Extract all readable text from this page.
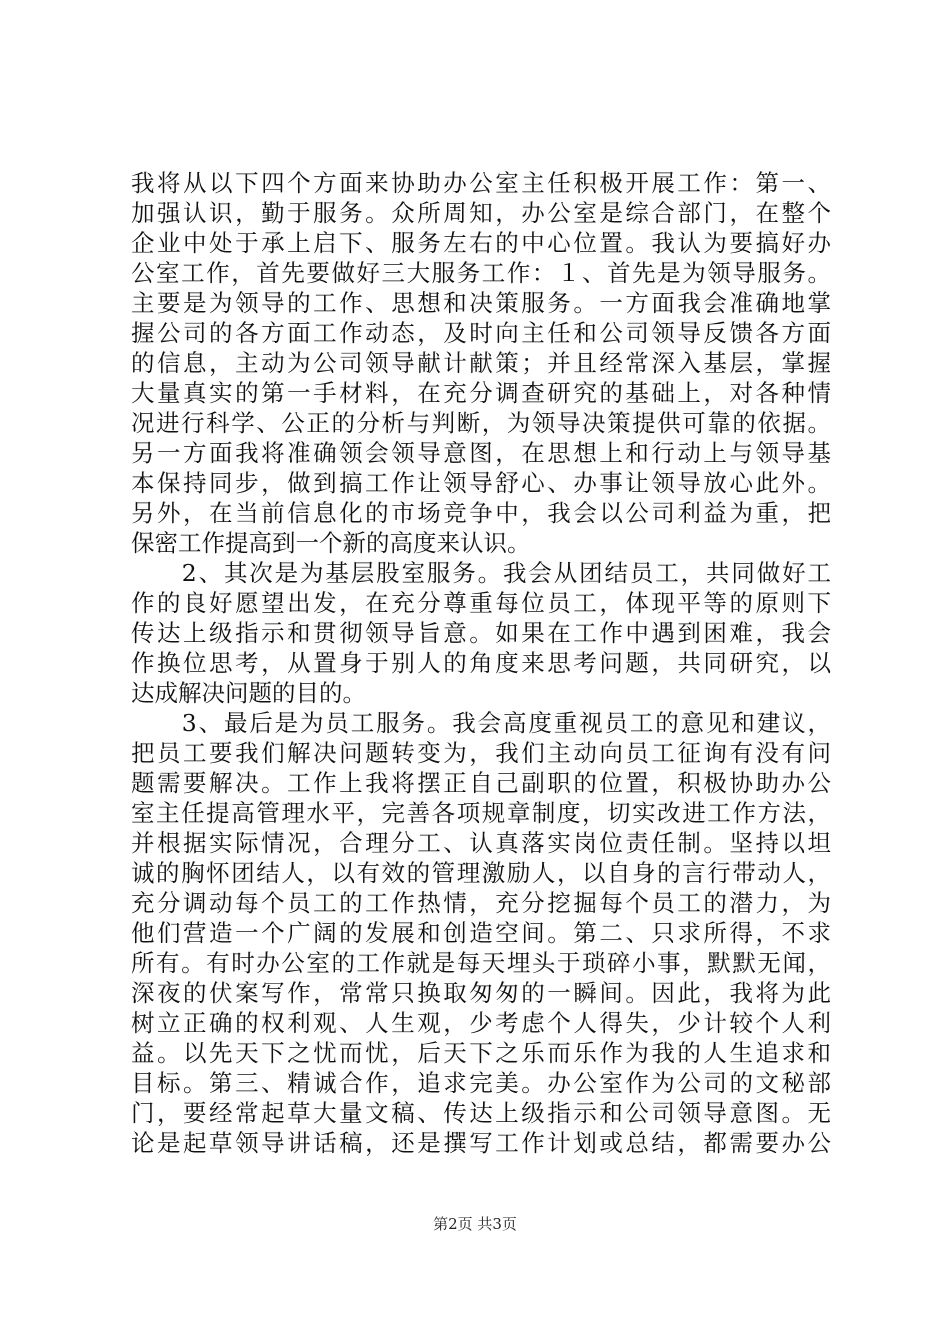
我将从以下四个方面来协助办公室主任积极开展工作：第一、
加强认识，勤于服务。众所周知，办公室是综合部门，在整个
企业中处于承上启下、服务左右的中心位置。我认为要搞好办
公室工作，首先要做好三大服务工作：１、首先是为领导服务。
主要是为领导的工作、思想和决策服务。一方面我会准确地掌
握公司的各方面工作动态，及时向主任和公司领导反馈各方面
的信息，主动为公司领导献计献策；并且经常深入基层，掌握
大量真实的第一手材料，在充分调查研究的基础上，对各种情
况进行科学、公正的分析与判断，为领导决策提供可靠的依据。
另一方面我将准确领会领导意图，在思想上和行动上与领导基
本保持同步，做到搞工作让领导舒心、办事让领导放心此外。
另外，在当前信息化的市场竞争中，我会以公司利益为重，把
保密工作提高到一个新的高度来认识。
　　2、其次是为基层股室服务。我会从团结员工，共同做好工
作的良好愿望出发，在充分尊重每位员工，体现平等的原则下
传达上级指示和贯彻领导旨意。如果在工作中遇到困难，我会
作换位思考，从置身于别人的角度来思考问题，共同研究，以
达成解决问题的目的。
　　3、最后是为员工服务。我会高度重视员工的意见和建议，
把员工要我们解决问题转变为，我们主动向员工征询有没有问
题需要解决。工作上我将摆正自己副职的位置，积极协助办公
室主任提高管理水平，完善各项规章制度，切实改进工作方法，
并根据实际情况，合理分工、认真落实岗位责任制。坚持以坦
诚的胸怀团结人，以有效的管理激励人，以自身的言行带动人，
充分调动每个员工的工作热情，充分挖掘每个员工的潜力，为
他们营造一个广阔的发展和创造空间。第二、只求所得，不求
所有。有时办公室的工作就是每天埋头于琐碎小事，默默无闻，
深夜的伏案写作，常常只换取匆匆的一瞬间。因此，我将为此
树立正确的权利观、人生观，少考虑个人得失，少计较个人利
益。以先天下之忧而忧，后天下之乐而乐作为我的人生追求和
目标。第三、精诚合作，追求完美。办公室作为公司的文秘部
门，要经常起草大量文稿、传达上级指示和公司领导意图。无
论是起草领导讲话稿，还是撰写工作计划或总结，都需要办公
第2页 共3页
